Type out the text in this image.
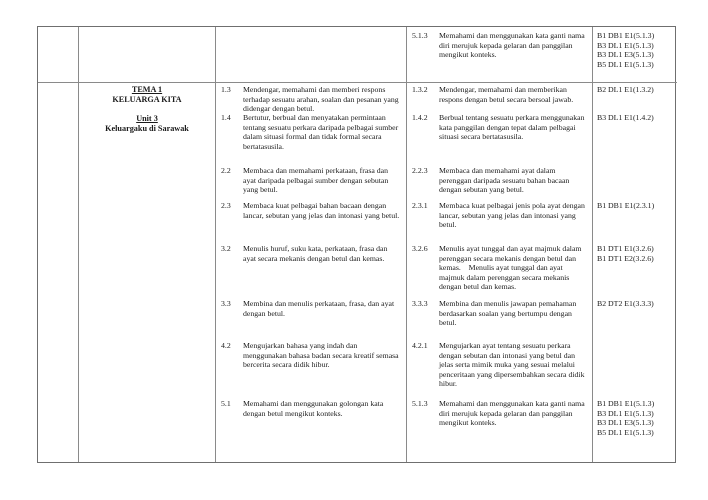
5.1.3	Memahami dan menggunakan kata ganti nama diri merujuk kepada gelaran dan panggilan mengikut konteks.
B1 DB1 E1(5.1.3)
B3 DL1 E1(5.1.3)
B3 DL1 E3(5.1.3)
B5 DL1 E1(5.1.3)
TEMA 1
KELUARGA KITA
Unit 3
Keluargaku di Sarawak
1.3	Mendengar, memahami dan memberi respons terhadap sesuatu arahan, soalan dan pesanan yang didengar dengan betul.
1.3.2	Mendengar, memahami dan memberikan respons dengan betul secara bersoal jawab.
B2 DL1 E1(1.3.2)
1.4	Bertutur, berbual dan menyatakan permintaan tentang sesuatu perkara daripada pelbagai sumber dalam situasi formal dan tidak formal secara bertatasusila.
1.4.2	Berbual tentang sesuatu perkara menggunakan kata panggilan dengan tepat dalam pelbagai situasi secara bertatasusila.
B3 DL1 E1(1.4.2)
2.2	Membaca dan memahami perkataan, frasa dan ayat daripada pelbagai sumber dengan sebutan yang betul.
2.2.3	Membaca dan memahami ayat dalam perenggan daripada sesuatu bahan bacaan dengan sebutan yang betul.
2.3	Membaca kuat pelbagai bahan bacaan dengan lancar, sebutan yang jelas dan intonasi yang betul.
2.3.1	Membaca kuat pelbagai jenis pola ayat dengan lancar, sebutan yang jelas dan intonasi yang betul.
B1 DB1 E1(2.3.1)
3.2	Menulis huruf, suku kata, perkataan, frasa dan ayat secara mekanis dengan betul dan kemas.
3.2.6	Menulis ayat tunggal dan ayat majmuk dalam perenggan secara mekanis dengan betul dan kemas.    Menulis ayat tunggal dan ayat majmuk dalam perenggan secara mekanis dengan betul dan kemas.
B1 DT1 E1(3.2.6)
B1 DT1 E2(3.2.6)
3.3	Membina dan menulis perkataan, frasa, dan ayat dengan betul.
3.3.3	Membina dan menulis jawapan pemahaman berdasarkan soalan yang bertumpu dengan betul.
B2 DT2 E1(3.3.3)
4.2	Mengujarkan bahasa yang indah dan menggunakan bahasa badan secara kreatif semasa bercerita secara didik hibur.
4.2.1	Mengujarkan ayat tentang sesuatu perkara dengan sebutan dan intonasi yang betul dan jelas serta mimik muka yang sesuai melalui penceritaan yang dipersembahkan secara didik hibur.
5.1	Memahami dan menggunakan golongan kata dengan betul mengikut konteks.
5.1.3	Memahami dan menggunakan kata ganti nama diri merujuk kepada gelaran dan panggilan mengikut konteks.
B1 DB1 E1(5.1.3)
B3 DL1 E1(5.1.3)
B3 DL1 E3(5.1.3)
B5 DL1 E1(5.1.3)
